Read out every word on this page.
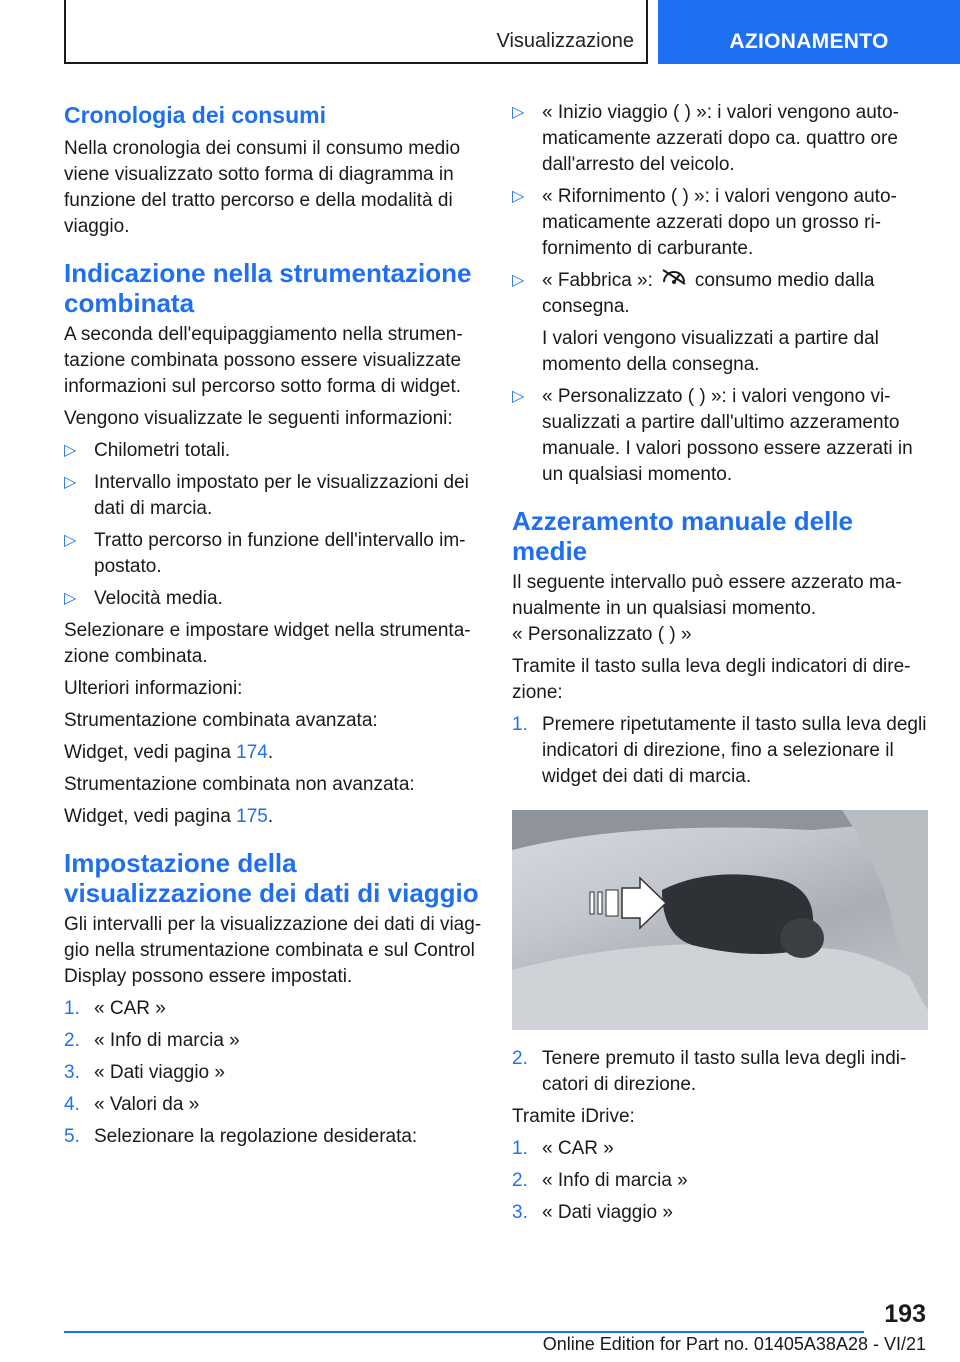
Visualizzazione	AZIONAMENTO
Cronologia dei consumi

Nella cronologia dei consumi il consumo medio viene visualizzato sotto forma di diagramma in funzione del tratto percorso e della modalità di viaggio.

Indicazione nella strumentazione combinata

A seconda dell'equipaggiamento nella strumentazione combinata possono essere visualizzate informazioni sul percorso sotto forma di widget.

Vengono visualizzate le seguenti informazioni:

▷ Chilometri totali.
▷ Intervallo impostato per le visualizzazioni dei dati di marcia.
▷ Tratto percorso in funzione dell'intervallo impostato.
▷ Velocità media.

Selezionare e impostare widget nella strumentazione combinata.

Ulteriori informazioni:

Strumentazione combinata avanzata:

Widget, vedi pagina 174.

Strumentazione combinata non avanzata:

Widget, vedi pagina 175.

Impostazione della visualizzazione dei dati di viaggio

Gli intervalli per la visualizzazione dei dati di viaggio nella strumentazione combinata e sul Control Display possono essere impostati.

1. « CAR »
2. « Info di marcia »
3. « Dati viaggio »
4. « Valori da »
5. Selezionare la regolazione desiderata:
▷ « Inizio viaggio ( ) »: i valori vengono automaticamente azzerati dopo ca. quattro ore dall'arresto del veicolo.
▷ « Rifornimento ( ) »: i valori vengono automaticamente azzerati dopo un grosso rifornimento di carburante.
▷ « Fabbrica »: consumo medio dalla consegna.

I valori vengono visualizzati a partire dal momento della consegna.

▷ « Personalizzato ( ) »: i valori vengono visualizzati a partire dall'ultimo azzeramento manuale. I valori possono essere azzerati in un qualsiasi momento.
Azzeramento manuale delle medie

Il seguente intervallo può essere azzerato manualmente in un qualsiasi momento.

« Personalizzato ( ) »

Tramite il tasto sulla leva degli indicatori di direzione:

1. Premere ripetutamente il tasto sulla leva degli indicatori di direzione, fino a selezionare il widget dei dati di marcia.
2. Tenere premuto il tasto sulla leva degli indicatori di direzione.

Tramite iDrive:

1. « CAR »
2. « Info di marcia »
3. « Dati viaggio »
193
Online Edition for Part no. 01405A38A28 - VI/21
